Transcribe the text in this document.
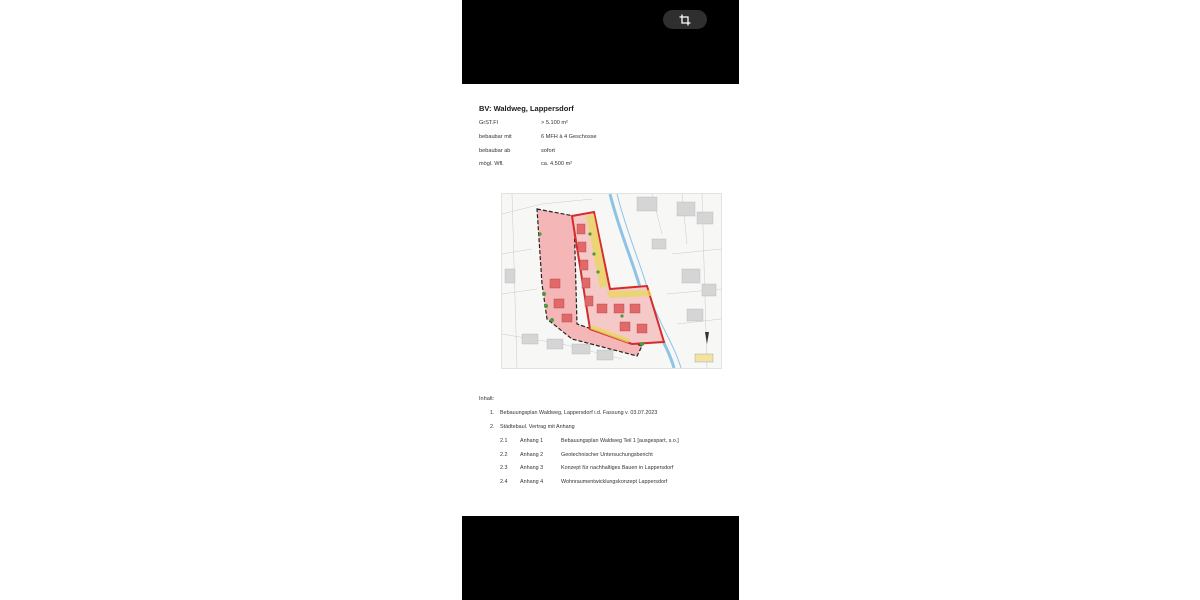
BV: Waldweg, Lappersdorf
GrST.Fl	> 5.100 m²
bebaubar mit	6 MFH à 4 Geschosse
bebaubar ab	sofort
mögl. Wfl.	ca. 4.500 m²
Inhalt:
1. Bebauungsplan Waldweg, Lappersdorf i.d. Fassung v. 03.07.2023
2. Städtebaul. Vertrag mit Anhang
2.1 Anhang 1	Bebauungsplan Waldweg Teil 1 [ausgespart, s.o.]
2.2 Anhang 2	Geotechnischer Untersuchungsbericht
2.3 Anhang 3	Konzept für nachhaltiges Bauen in Lappersdorf
2.4 Anhang 4	Wohnraumentwicklungskonzept Lappersdorf
